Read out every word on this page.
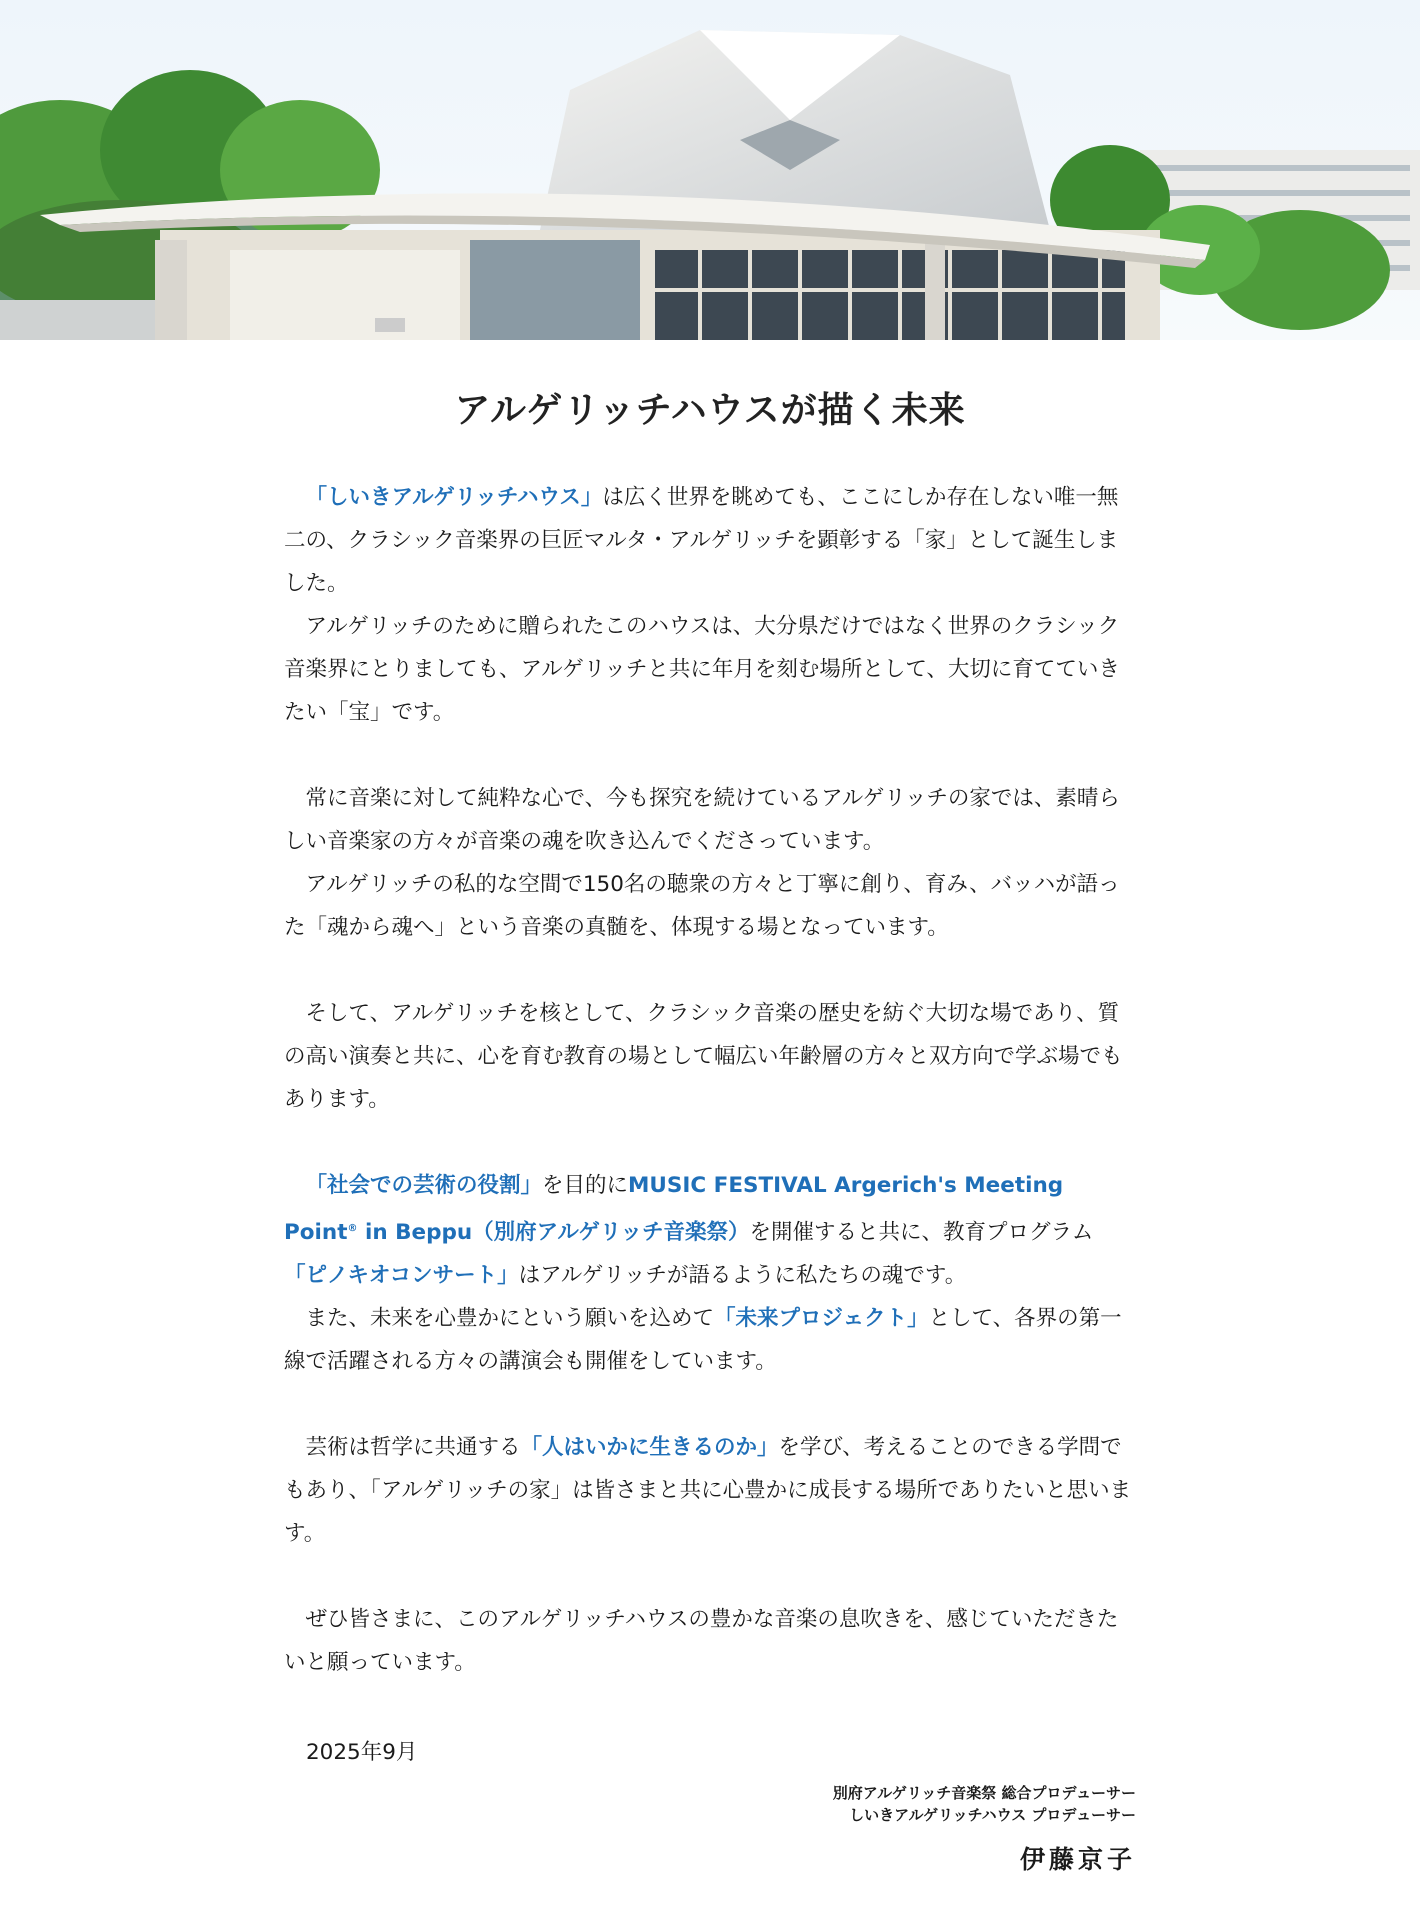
アルゲリッチハウスが描く未来

「しいきアルゲリッチハウス」は広く世界を眺めても、ここにしか存在しない唯一無二の、クラシック音楽界の巨匠マルタ・アルゲリッチを顕彰する「家」として誕生しました。

アルゲリッチのために贈られたこのハウスは、大分県だけではなく世界のクラシック音楽界にとりましても、アルゲリッチと共に年月を刻む場所として、大切に育てていきたい「宝」です。

常に音楽に対して純粋な心で、今も探究を続けているアルゲリッチの家では、素晴らしい音楽家の方々が音楽の魂を吹き込んでくださっています。

アルゲリッチの私的な空間で150名の聴衆の方々と丁寧に創り、育み、バッハが語った「魂から魂へ」という音楽の真髄を、体現する場となっています。

そして、アルゲリッチを核として、クラシック音楽の歴史を紡ぐ大切な場であり、質の高い演奏と共に、心を育む教育の場として幅広い年齢層の方々と双方向で学ぶ場でもあります。

「社会での芸術の役割」を目的にMUSIC FESTIVAL Argerich's Meeting Point® in Beppu（別府アルゲリッチ音楽祭）を開催すると共に、教育プログラム「ピノキオコンサート」はアルゲリッチが語るように私たちの魂です。

また、未来を心豊かにという願いを込めて「未来プロジェクト」として、各界の第一線で活躍される方々の講演会も開催をしています。

芸術は哲学に共通する「人はいかに生きるのか」を学び、考えることのできる学問でもあり、「アルゲリッチの家」は皆さまと共に心豊かに成長する場所でありたいと思います。

ぜひ皆さまに、このアルゲリッチハウスの豊かな音楽の息吹きを、感じていただきたいと願っています。

2025年9月
別府アルゲリッチ音楽祭 総合プロデューサー
しいきアルゲリッチハウス プロデューサー
伊藤京子
